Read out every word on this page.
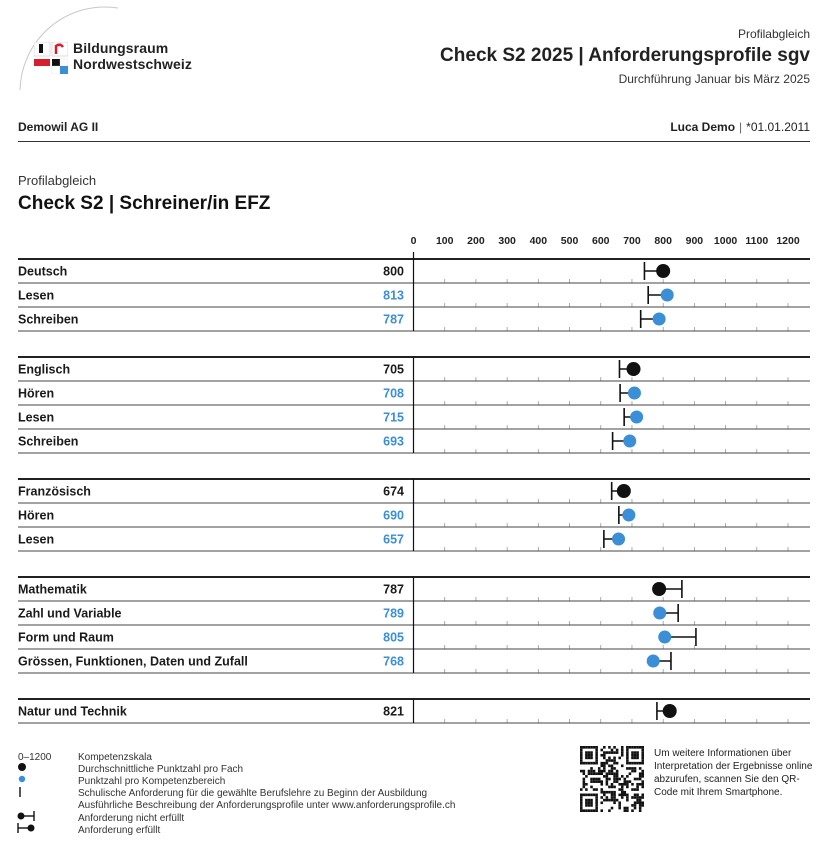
Bildungsraum
Nordwestschweiz
Profilabgleich
Check S2 2025 | Anforderungsprofile sgv
Durchführung Januar bis März 2025
Demowil AG II	Luca Demo | *01.01.2011
Profilabgleich
Check S2 | Schreiner/in EFZ
0 100 200 300 400 500 600 700 800 900 1000 1100 1200
Deutsch	800
Lesen	813
Schreiben	787
Englisch	705
Hören	708
Lesen	715
Schreiben	693
Französisch	674
Hören	690
Lesen	657
Mathematik	787
Zahl und Variable	789
Form und Raum	805
Grössen, Funktionen, Daten und Zufall	768
Natur und Technik	821
0–1200	Kompetenzskala
Durchschnittliche Punktzahl pro Fach
Punktzahl pro Kompetenzbereich
Schulische Anforderung für die gewählte Berufslehre zu Beginn der Ausbildung
Ausführliche Beschreibung der Anforderungsprofile unter www.anforderungsprofile.ch
Anforderung nicht erfüllt
Anforderung erfüllt
Um weitere Informationen über Interpretation der Ergebnisse online abzurufen, scannen Sie den QR-Code mit Ihrem Smartphone.
